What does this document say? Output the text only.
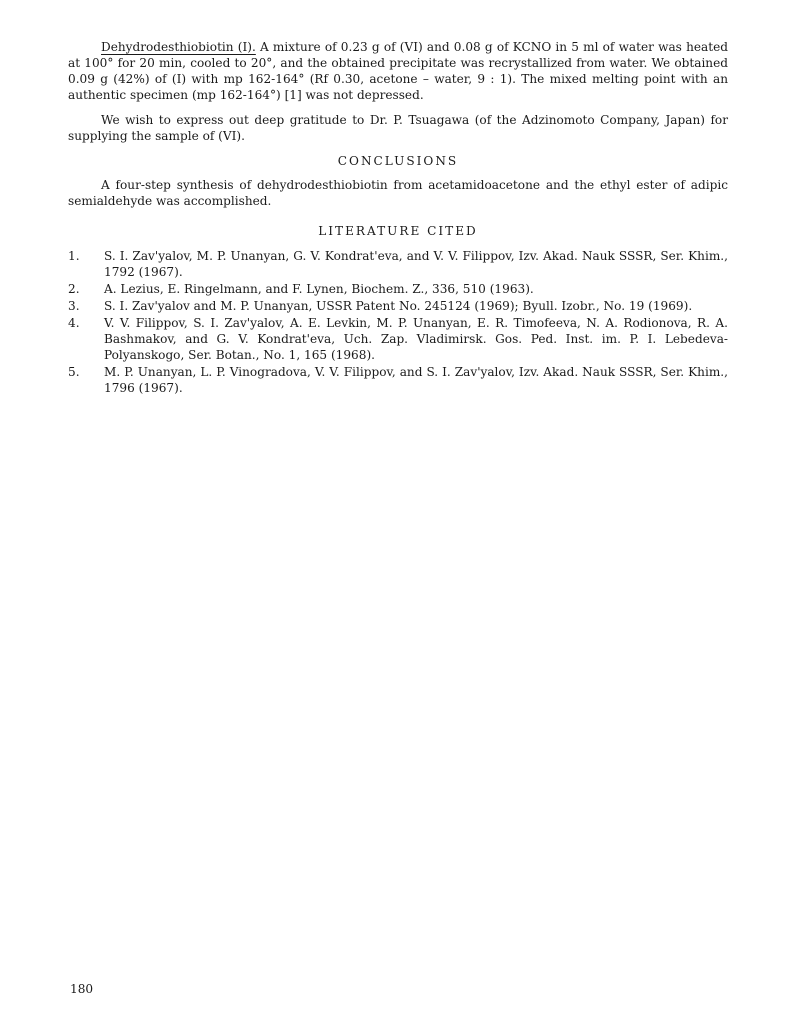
Dehydrodesthiobiotin (I). A mixture of 0.23 g of (VI) and 0.08 g of KCNO in 5 ml of water was heated at 100° for 20 min, cooled to 20°, and the obtained precipitate was recrystallized from water. We obtained 0.09 g (42%) of (I) with mp 162-164° (Rf 0.30, acetone – water, 9 : 1). The mixed melting point with an authentic specimen (mp 162-164°) [1] was not depressed.

We wish to express out deep gratitude to Dr. P. Tsuagawa (of the Adzinomoto Company, Japan) for supplying the sample of (VI).

CONCLUSIONS

A four-step synthesis of dehydrodesthiobiotin from acetamidoacetone and the ethyl ester of adipic semialdehyde was accomplished.

LITERATURE CITED
1.	S. I. Zav'yalov, M. P. Unanyan, G. V. Kondrat'eva, and V. V. Filippov, Izv. Akad. Nauk SSSR, Ser. Khim., 1792 (1967).
2.	A. Lezius, E. Ringelmann, and F. Lynen, Biochem. Z., 336, 510 (1963).
3.	S. I. Zav'yalov and M. P. Unanyan, USSR Patent No. 245124 (1969); Byull. Izobr., No. 19 (1969).
4.	V. V. Filippov, S. I. Zav'yalov, A. E. Levkin, M. P. Unanyan, E. R. Timofeeva, N. A. Rodionova, R. A. Bashmakov, and G. V. Kondrat'eva, Uch. Zap. Vladimirsk. Gos. Ped. Inst. im. P. I. Lebedeva-Polyanskogo, Ser. Botan., No. 1, 165 (1968).
5.	M. P. Unanyan, L. P. Vinogradova, V. V. Filippov, and S. I. Zav'yalov, Izv. Akad. Nauk SSSR, Ser. Khim., 1796 (1967).
180
